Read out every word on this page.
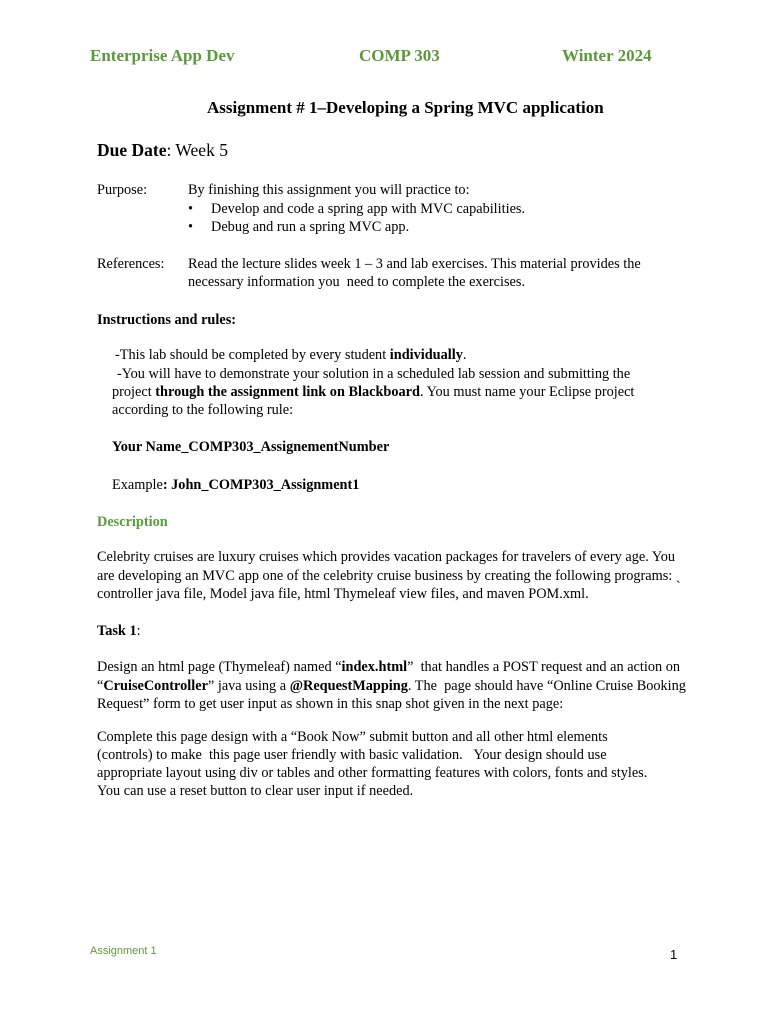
Enterprise App Dev	COMP 303	Winter 2024
Assignment # 1–Developing a Spring MVC application
Due Date: Week 5
Purpose:	By finishing this assignment you will practice to:
• Develop and code a spring app with MVC capabilities.
• Debug and run a spring MVC app.
References: Read the lecture slides week 1 – 3 and lab exercises. This material provides the
necessary information you  need to complete the exercises.
Instructions and rules:
-This lab should be completed by every student individually.
-You will have to demonstrate your solution in a scheduled lab session and submitting the
project through the assignment link on Blackboard. You must name your Eclipse project
according to the following rule:
Your Name_COMP303_AssignementNumber
Example: John_COMP303_Assignment1
Description
Celebrity cruises are luxury cruises which provides vacation packages for travelers of every age. You
are developing an MVC app one of the celebrity cruise business by creating the following programs: ˎ
controller java file, Model java file, html Thymeleaf view files, and maven POM.xml.
Task 1:
Design an html page (Thymeleaf) named “index.html”  that handles a POST request and an action on
“CruiseController” java using a @RequestMapping. The  page should have “Online Cruise Booking
Request” form to get user input as shown in this snap shot given in the next page:
Complete this page design with a “Book Now” submit button and all other html elements
(controls) to make  this page user friendly with basic validation.   Your design should use
appropriate layout using div or tables and other formatting features with colors, fonts and styles.
You can use a reset button to clear user input if needed.
Assignment 1	1
